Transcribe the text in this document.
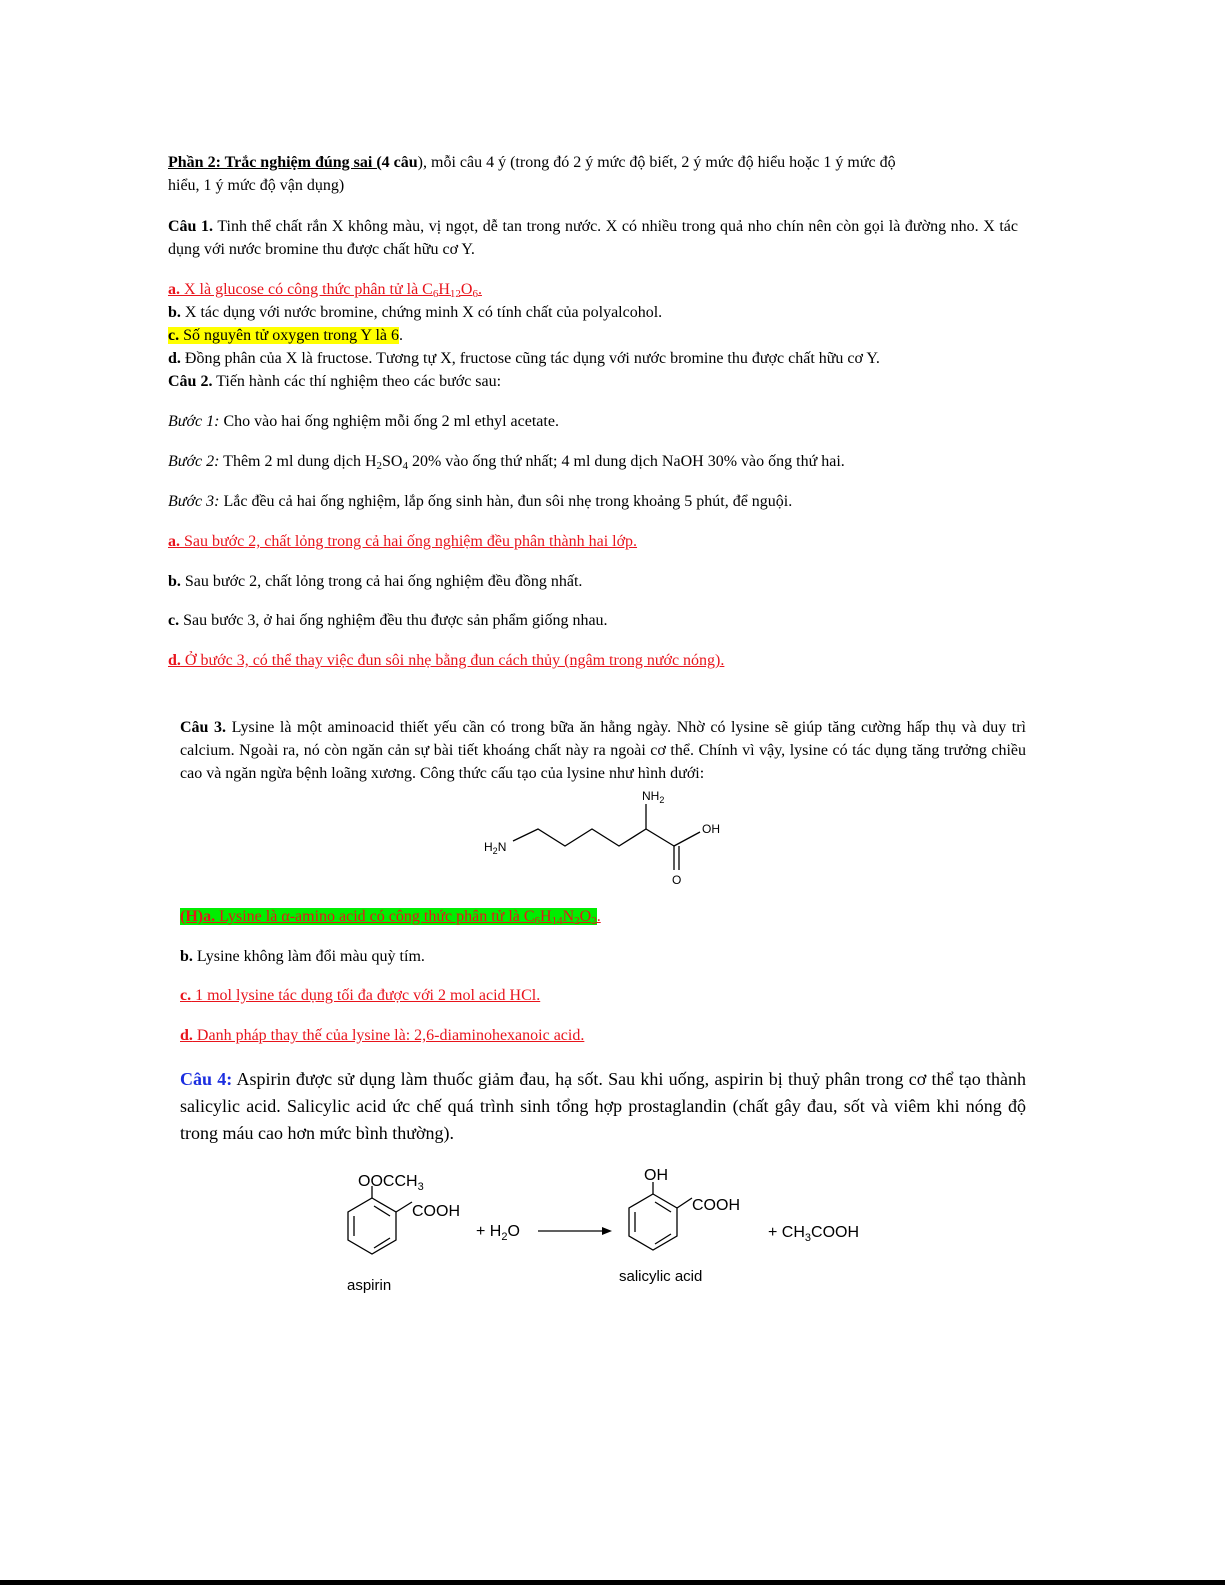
Phần 2: Trắc nghiệm đúng sai (4 câu), mỗi câu 4 ý (trong đó 2 ý mức độ biết, 2 ý mức độ hiểu hoặc 1 ý mức độ
hiểu, 1 ý mức độ vận dụng)
Câu 1. Tinh thể chất rắn X không màu, vị ngọt, dễ tan trong nước. X có nhiều trong quả nho chín nên còn gọi là đường nho. X tác dụng với nước bromine thu được chất hữu cơ Y.
a. X là glucose có công thức phân tử là $C_6H_{12}O_6$.
b. X tác dụng với nước bromine, chứng minh X có tính chất của polyalcohol.
c. Số nguyên tử oxygen trong Y là 6.
d. Đồng phân của X là fructose. Tương tự X, fructose cũng tác dụng với nước bromine thu được chất hữu cơ Y.
Câu 2. Tiến hành các thí nghiệm theo các bước sau:
Bước 1: Cho vào hai ống nghiệm mỗi ống 2 ml ethyl acetate.
Bước 2: Thêm 2 ml dung dịch $H_2SO_4$ 20% vào ống thứ nhất; 4 ml dung dịch NaOH 30% vào ống thứ hai.
Bước 3: Lắc đều cả hai ống nghiệm, lắp ống sinh hàn, đun sôi nhẹ trong khoảng 5 phút, để nguội.
a. Sau bước 2, chất lỏng trong cả hai ống nghiệm đều phân thành hai lớp.
b. Sau bước 2, chất lỏng trong cả hai ống nghiệm đều đồng nhất.
c. Sau bước 3, ở hai ống nghiệm đều thu được sản phẩm giống nhau.
d. Ở bước 3, có thể thay việc đun sôi nhẹ bằng đun cách thủy (ngâm trong nước nóng).
Câu 3. Lysine là một aminoacid thiết yếu cần có trong bữa ăn hằng ngày. Nhờ có lysine sẽ giúp tăng cường hấp thụ và duy trì calcium. Ngoài ra, nó còn ngăn cản sự bài tiết khoáng chất này ra ngoài cơ thể. Chính vì vậy, lysine có tác dụng tăng trưởng chiều cao và ngăn ngừa bệnh loãng xương. Công thức cấu tạo của lysine như hình dưới:
$NH_2$
$H_2N$
OH
O
(H)a. Lysine là α-amino acid có công thức phân tử là $C_6H_{14}N_2O_2$.
b. Lysine không làm đổi màu quỳ tím.
c. 1 mol lysine tác dụng tối đa được với 2 mol acid HCl.
d. Danh pháp thay thế của lysine là: 2,6-diaminohexanoic acid.
Câu 4: Aspirin được sử dụng làm thuốc giảm đau, hạ sốt. Sau khi uống, aspirin bị thuỷ phân trong cơ thể tạo thành salicylic acid. Salicylic acid ức chế quá trình sinh tổng hợp prostaglandin (chất gây đau, sốt và viêm khi nóng độ trong máu cao hơn mức bình thường).
$OOCCH_3$
COOH
+ $H_2O$
OH
COOH
+ $CH_3COOH$
aspirin
salicylic acid
